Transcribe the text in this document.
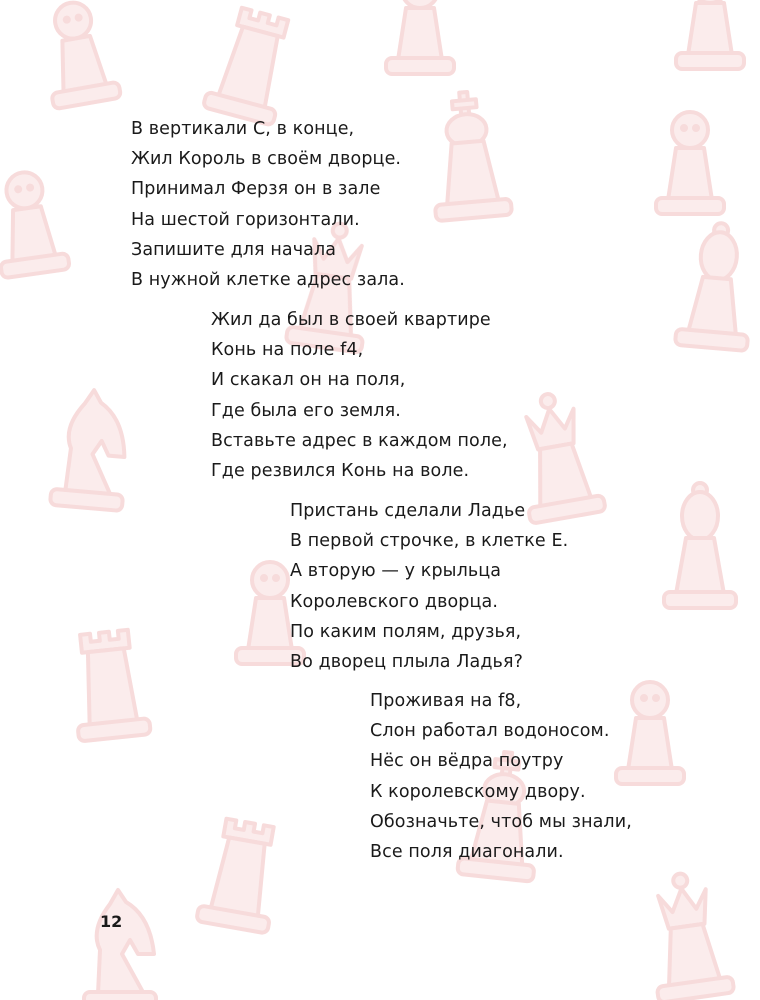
В вертикали С, в конце,
Жил Король в своём дворце.
Принимал Ферзя он в зале
На шестой горизонтали.
Запишите для начала
В нужной клетке адрес зала.
Жил да был в своей квартире
Конь на поле f4,
И скакал он на поля,
Где была его земля.
Вставьте адрес в каждом поле,
Где резвился Конь на воле.
Пристань сделали Ладье
В первой строчке, в клетке Е.
А вторую — у крыльца
Королевского дворца.
По каким полям, друзья,
Во дворец плыла Ладья?
Проживая на f8,
Слон работал водоносом.
Нёс он вёдра поутру
К королевскому двору.
Обозначьте, чтоб мы знали,
Все поля диагонали.
12
